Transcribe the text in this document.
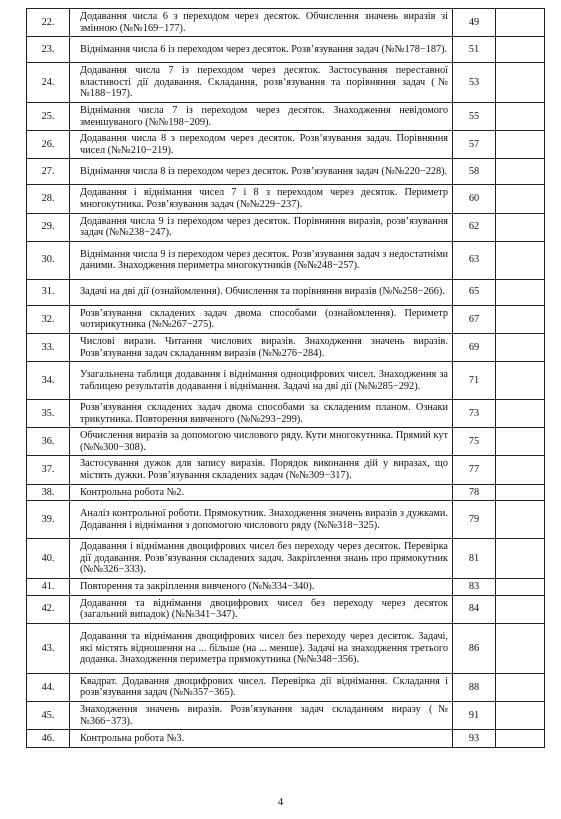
22.	Додавання числа 6 з переходом через десяток. Обчислення значень виразів зі змінною (№№169−177).	49	
23.	Віднімання числа 6 із переходом через десяток. Розв’язування задач (№№178−187).	51	
24.	Додавання числа 7 із переходом через десяток. Застосування переставної властивості дії додавання. Складання, розв’язування та порівняння задач (№№188−197).	53	
25.	Віднімання числа 7 із переходом через десяток. Знаходження невідомого зменшуваного (№№198−209).	55	
26.	Додавання числа 8 з переходом через десяток. Розв’язування задач. Порівняння чисел (№№210−219).	57	
27.	Віднімання числа 8 із переходом через десяток. Розв’язування задач (№№220−228).	58	
28.	Додавання і віднімання чисел 7 і 8 з переходом через десяток. Периметр многокутника. Розв’язування задач (№№229−237).	60	
29.	Додавання числа 9 із переходом через десяток. Порівняння виразів, розв’язування задач (№№238−247).	62	
30.	Віднімання числа 9 із переходом через десяток. Розв’язування задач з недостатніми даними. Знаходження периметра многокутників (№№248−257).	63	
31.	Задачі на дві дії (ознайомлення). Обчислення та порівняння виразів (№№258−266).	65	
32.	Розв’язування складених задач двома способами (ознайомлення). Периметр чотирикутника (№№267−275).	67	
33.	Числові вирази. Читання числових виразів. Знаходження значень виразів. Розв’язування задач складанням виразів (№№276−284).	69	
34.	Узагальнена таблиця додавання і віднімання одноцифрових чисел. Знаходження за таблицею результатів додавання і віднімання. Задачі на дві дії (№№285−292).	71	
35.	Розв’язування складених задач двома способами за складеним планом. Ознаки трикутника. Повторення вивченого (№№293−299).	73	
36.	Обчислення виразів за допомогою числового ряду. Кути многокутника. Прямий кут (№№300−308).	75	
37.	Застосування дужок для запису виразів. Порядок виконання дій у виразах, що містять дужки. Розв’язування складених задач (№№309−317).	77	
38.	Контрольна робота №2.	78	
39.	Аналіз контрольної роботи. Прямокутник. Знаходження значень виразів з дужками. Додавання і віднімання з допомогою числового ряду (№№318−325).	79	
40.	Додавання і віднімання двоцифрових чисел без переходу через десяток. Перевірка дії додавання. Розв’язування складених задач. Закріплення знань про прямокутник (№№326−333).	81	
41.	Повторення та закріплення вивченого (№№334−340).	83	
42.	Додавання та віднімання двоцифрових чисел без переходу через десяток (загальний випадок) (№№341−347).	84	
43.	Додавання та віднімання двоцифрових чисел без переходу через десяток. Задачі, які містять відношення на ... більше (на ... менше). Задачі на знаходження третього доданка. Знаходження периметра прямокутника (№№348−356).	86	
44.	Квадрат. Додавання двоцифрових чисел. Перевірка дії віднімання. Складання і розв’язування задач (№№357−365).	88	
45.	Знаходження значень виразів. Розв’язування задач складанням виразу (№№366−373).	91	
46.	Контрольна робота №3.	93	
4
